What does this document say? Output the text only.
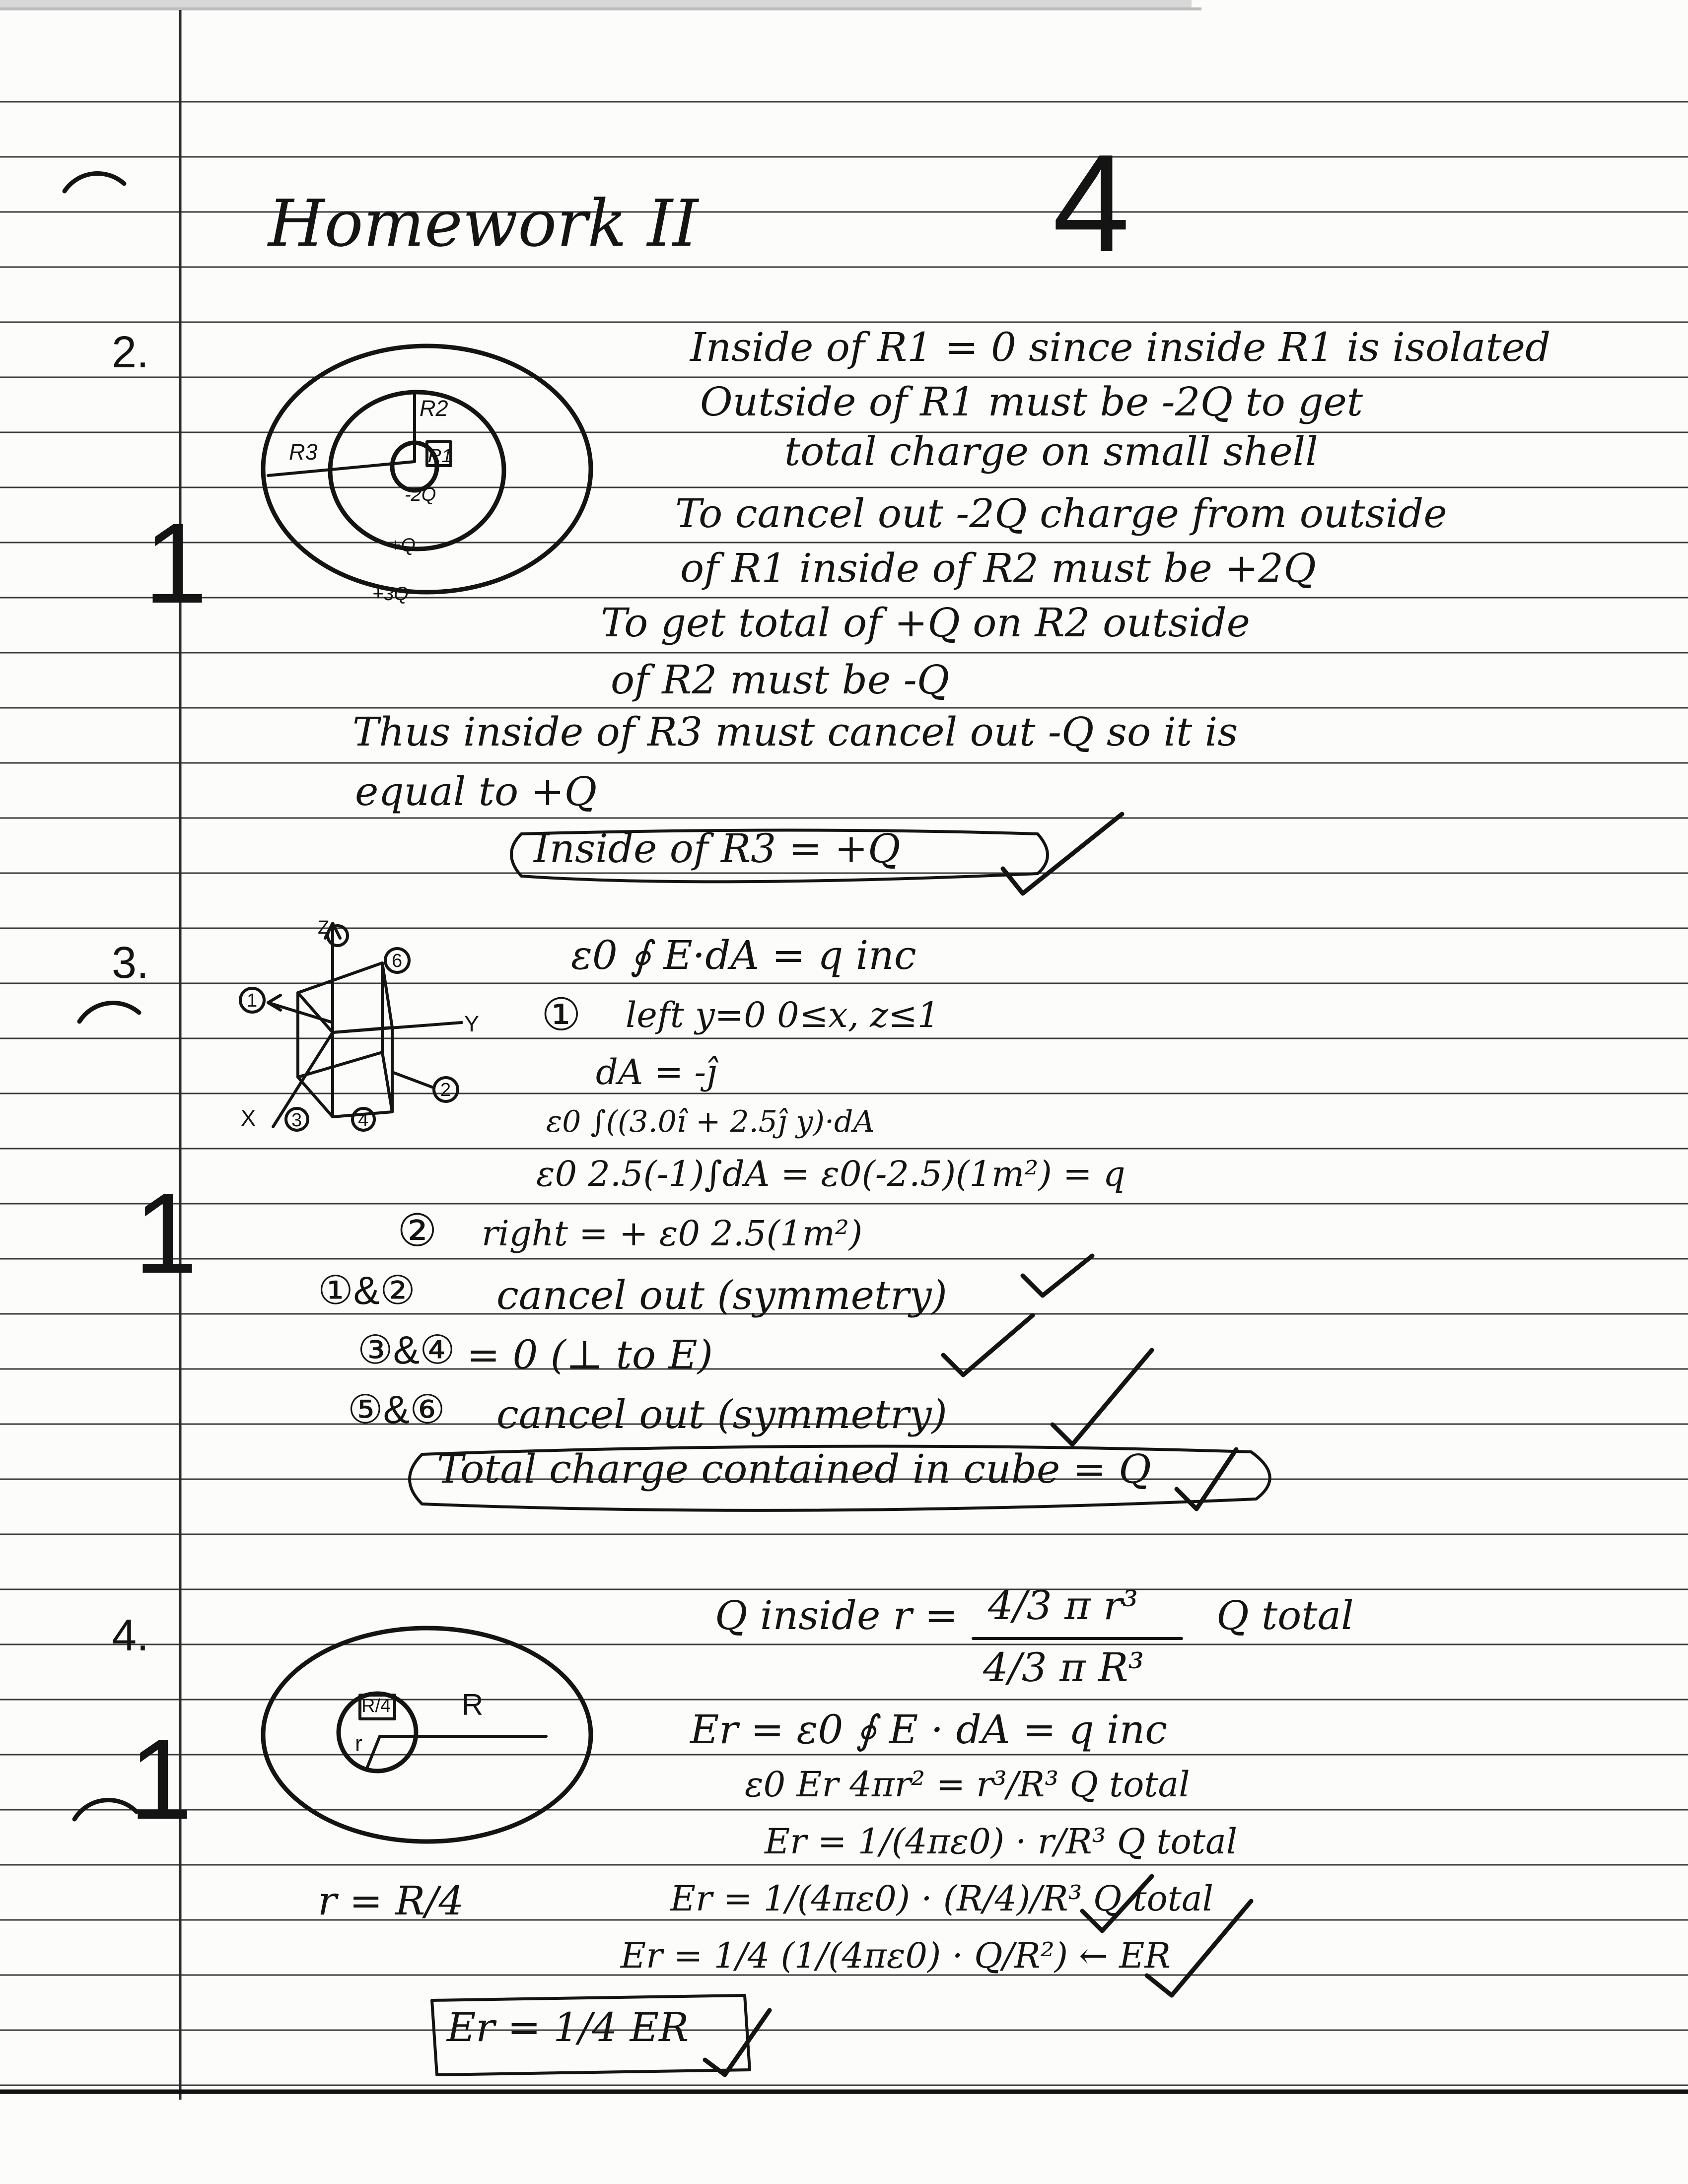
Homework II	4
2.
1
R3
R2
R1
-2Q
+Q
+3Q
Inside of R1 = 0 since inside R1 is isolated
Outside of R1 must be -2Q to get
total charge on small shell
To cancel out -2Q charge from outside
of R1 inside of R2 must be +2Q
To get total of +Q on R2 outside
of R2 must be -Q
Thus inside of R3 must cancel out -Q so it is
equal to +Q
Inside of R3 = +Q
3.
1
X
Y
Z
1
2
3	4
6	ε0 ∮ E·dA = q inc
① left y=0 0≤x, z≤1
dA = -ĵ
ε0 ∫((3.0î + 2.5ĵ y)·dA
ε0 2.5(-1)∫dA = ε0(-2.5)(1m²) = q
② right = + ε0 2.5(1m²)
①&② cancel out (symmetry)
③&④ = 0 (⊥ to E)
⑤&⑥ cancel out (symmetry)
Total charge contained in cube = Q
4.
1
R
r
R/4
Q inside r = 4/3 π r³
4/3 π R³
Q total
Er = ε0 ∮ E · dA = q inc
ε0 Er 4πr² = r³/R³ Q total
Er = 1/(4πε0) · r/R³ Q total
Er = 1/(4πε0) · (R/4)/R³ Q total
Er = 1/4 (1/(4πε0) · Q/R²) ← ER
r = R/4
Er = 1/4 ER
